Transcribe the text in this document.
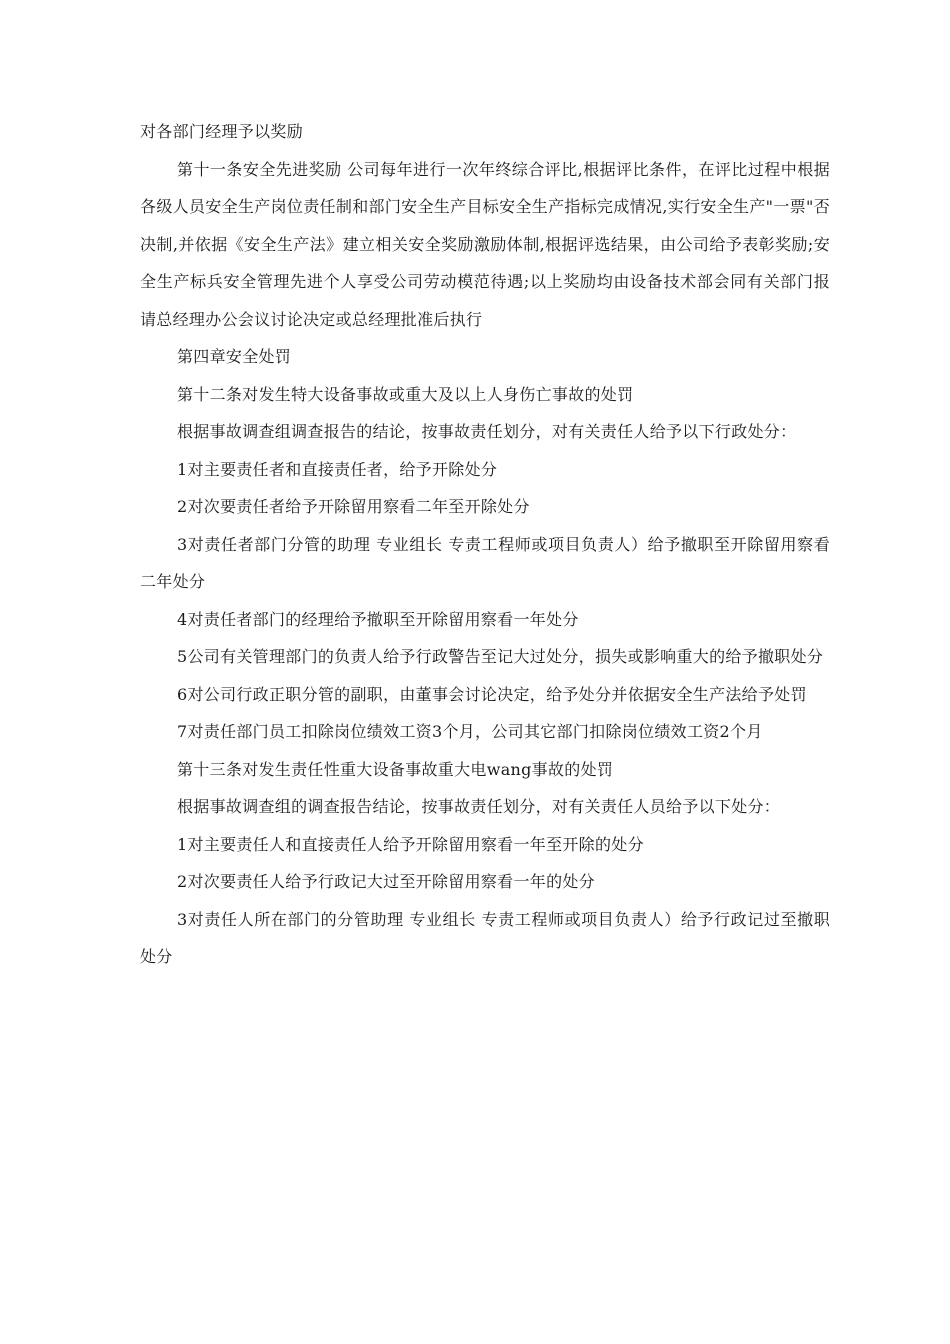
对各部门经理予以奖励

第十一条安全先进奖励 公司每年进行一次年终综合评比,根据评比条件，在评比过程中根据各级人员安全生产岗位责任制和部门安全生产目标安全生产指标完成情况,实行安全生产"一票"否决制,并依据《安全生产法》建立相关安全奖励激励体制,根据评选结果，由公司给予表彰奖励;安全生产标兵安全管理先进个人享受公司劳动模范待遇;以上奖励均由设备技术部会同有关部门报请总经理办公会议讨论决定或总经理批准后执行

第四章安全处罚

第十二条对发生特大设备事故或重大及以上人身伤亡事故的处罚

根据事故调查组调查报告的结论，按事故责任划分，对有关责任人给予以下行政处分：

1对主要责任者和直接责任者，给予开除处分

2对次要责任者给予开除留用察看二年至开除处分

3对责任者部门分管的助理 专业组长 专责工程师或项目负责人）给予撤职至开除留用察看二年处分

4对责任者部门的经理给予撤职至开除留用察看一年处分

5公司有关管理部门的负责人给予行政警告至记大过处分，损失或影响重大的给予撤职处分

6对公司行政正职分管的副职，由董事会讨论决定，给予处分并依据安全生产法给予处罚

7对责任部门员工扣除岗位绩效工资3个月，公司其它部门扣除岗位绩效工资2个月

第十三条对发生责任性重大设备事故重大电wang事故的处罚

根据事故调查组的调查报告结论，按事故责任划分，对有关责任人员给予以下处分：

1对主要责任人和直接责任人给予开除留用察看一年至开除的处分

2对次要责任人给予行政记大过至开除留用察看一年的处分

3对责任人所在部门的分管助理 专业组长 专责工程师或项目负责人）给予行政记过至撤职处分
